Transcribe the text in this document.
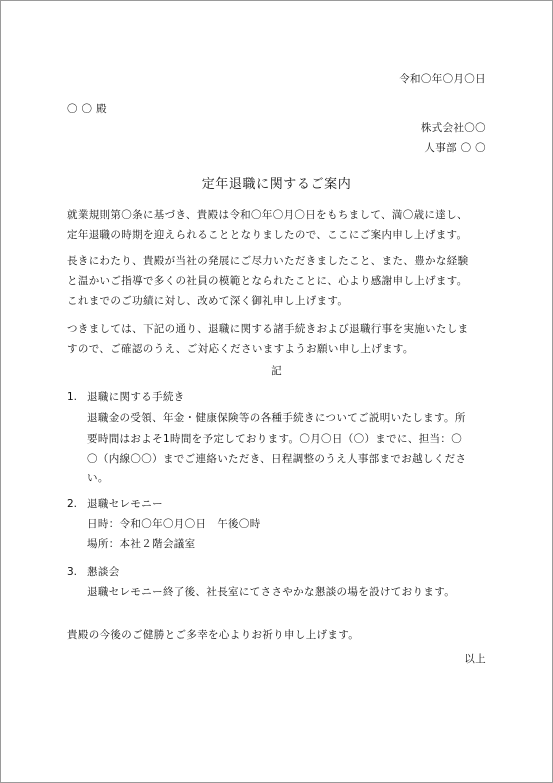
令和〇年〇月〇日
〇 〇 殿
株式会社〇〇
人事部 〇 〇
定年退職に関するご案内
就業規則第〇条に基づき、貴殿は令和〇年〇月〇日をもちまして、満〇歳に達し、
定年退職の時期を迎えられることとなりましたので、ここにご案内申し上げます。
長きにわたり、貴殿が当社の発展にご尽力いただきましたこと、また、豊かな経験
と温かいご指導で多くの社員の模範となられたことに、心より感謝申し上げます。
これまでのご功績に対し、改めて深く御礼申し上げます。
つきましては、下記の通り、退職に関する諸手続きおよび退職行事を実施いたしま
すので、ご確認のうえ、ご対応くださいますようお願い申し上げます。
記
1. 退職に関する手続き
退職金の受領、年金・健康保険等の各種手続きについてご説明いたします。所
要時間はおよそ1時間を予定しております。〇月〇日（〇）までに、担当：〇
〇（内線〇〇）までご連絡いただき、日程調整のうえ人事部までお越しくださ
い。
2. 退職セレモニー
日時：令和〇年〇月〇日　午後〇時
場所：本社２階会議室
3. 懇談会
退職セレモニー終了後、社長室にてささやかな懇談の場を設けております。
貴殿の今後のご健勝とご多幸を心よりお祈り申し上げます。
以上
